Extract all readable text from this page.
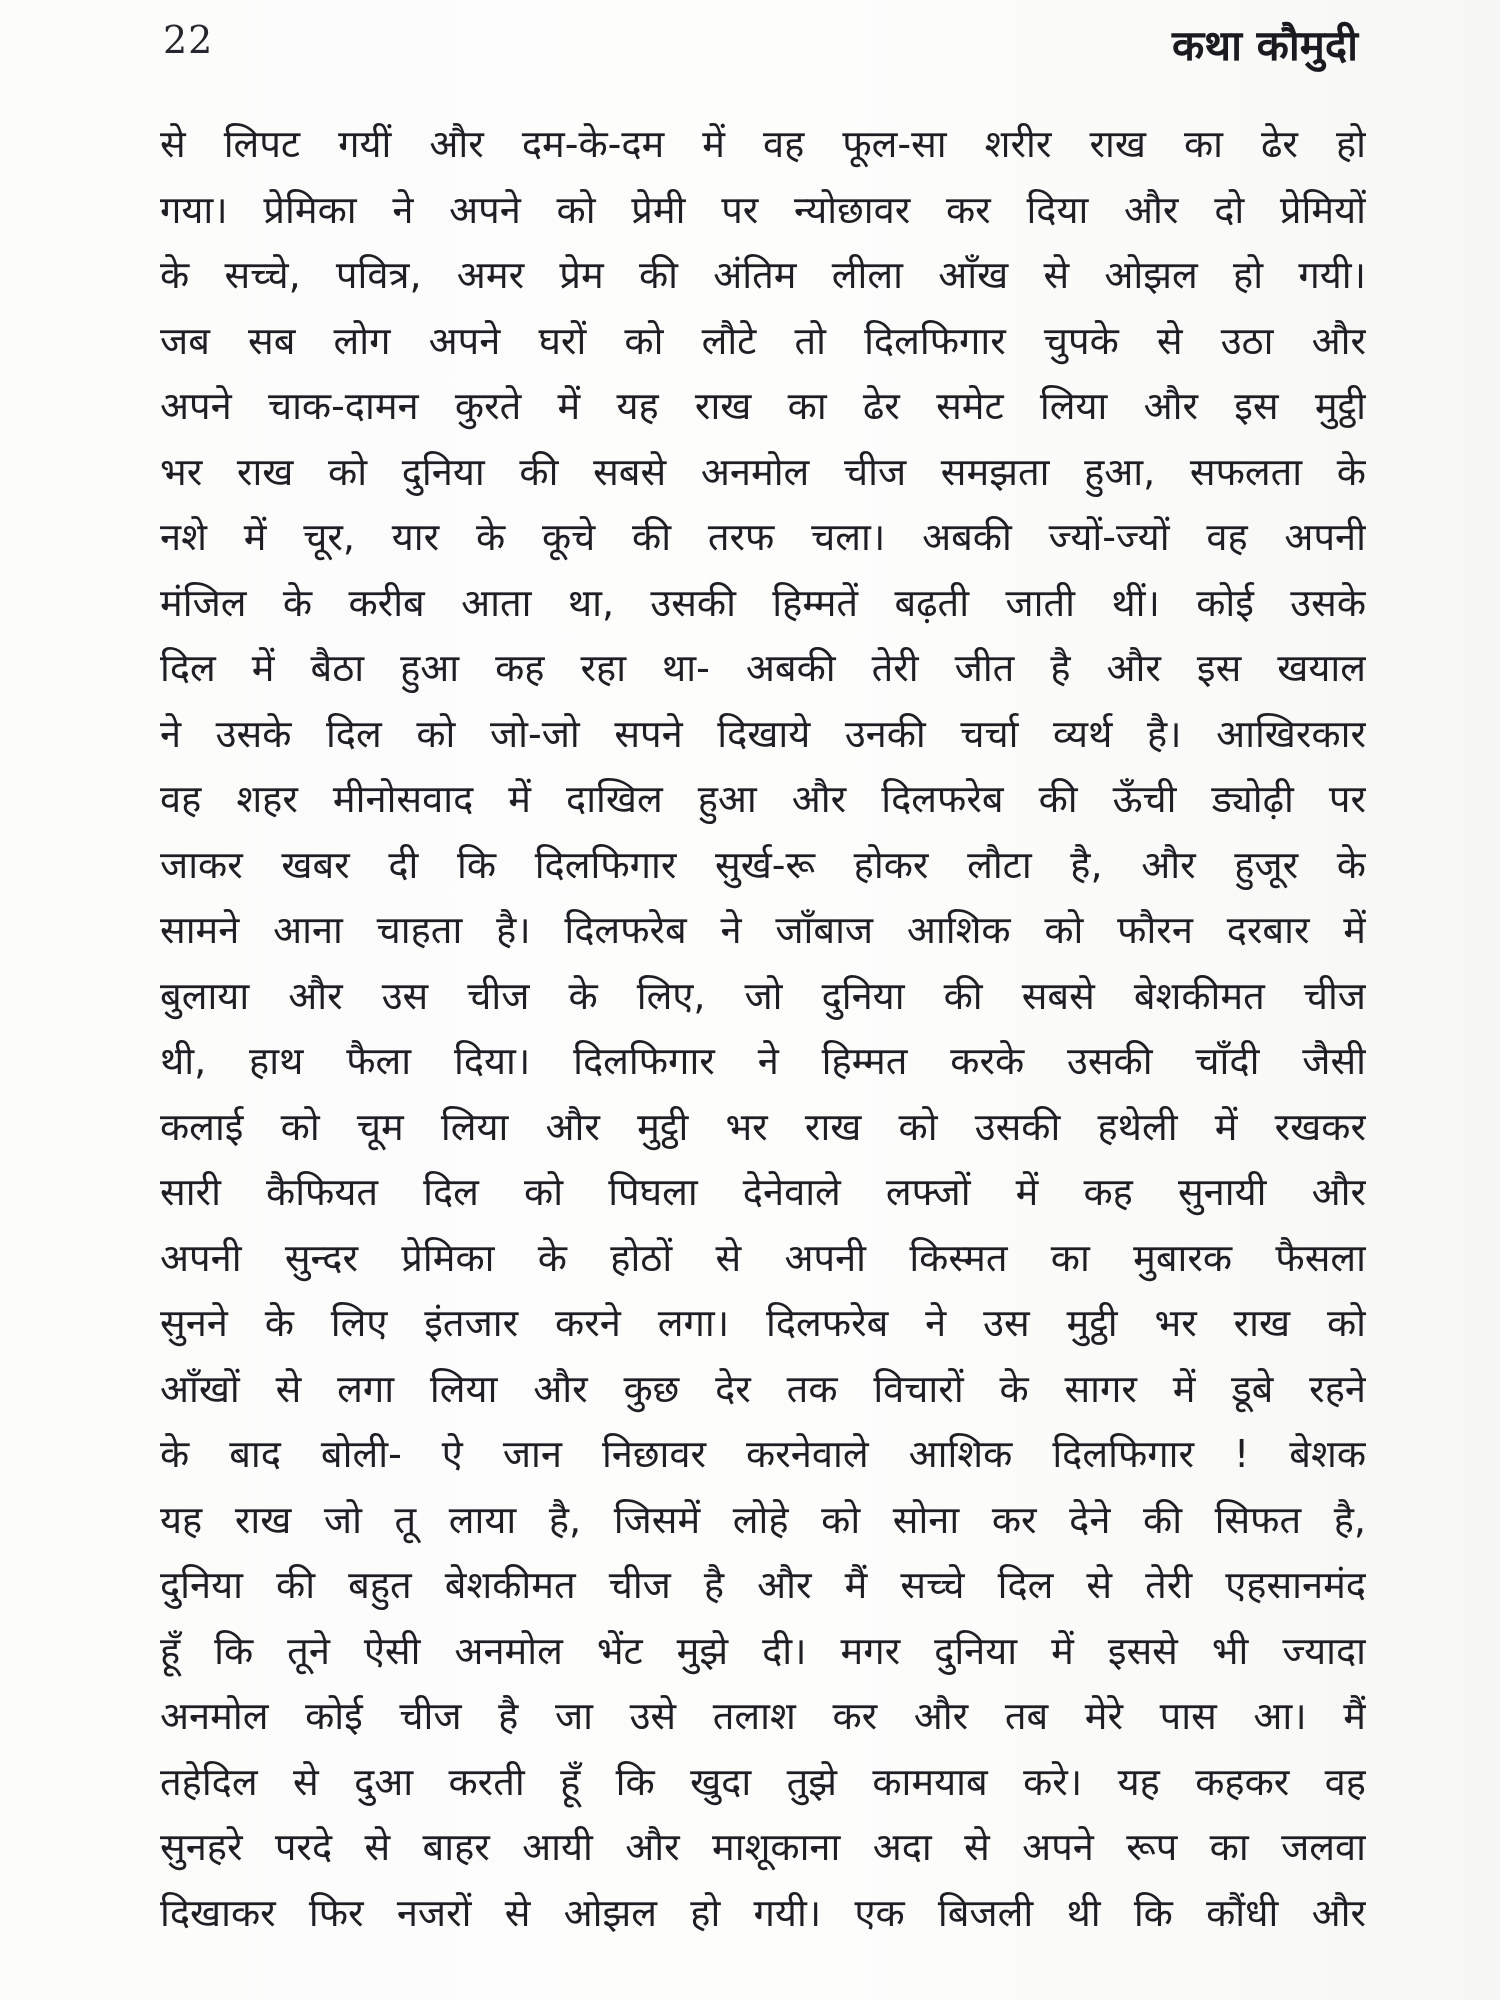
22	कथा कौमुदी
से लिपट गयीं और दम-के-दम में वह फूल-सा शरीर राख का ढेर हो
गया। प्रेमिका ने अपने को प्रेमी पर न्योछावर कर दिया और दो प्रेमियों
के सच्चे, पवित्र, अमर प्रेम की अंतिम लीला आँख से ओझल हो गयी।
जब सब लोग अपने घरों को लौटे तो दिलफिगार चुपके से उठा और
अपने चाक-दामन कुरते में यह राख का ढेर समेट लिया और इस मुट्ठी
भर राख को दुनिया की सबसे अनमोल चीज समझता हुआ, सफलता के
नशे में चूर, यार के कूचे की तरफ चला। अबकी ज्यों-ज्यों वह अपनी
मंजिल के करीब आता था, उसकी हिम्मतें बढ़ती जाती थीं। कोई उसके
दिल में बैठा हुआ कह रहा था- अबकी तेरी जीत है और इस खयाल
ने उसके दिल को जो-जो सपने दिखाये उनकी चर्चा व्यर्थ है। आखिरकार
वह शहर मीनोसवाद में दाखिल हुआ और दिलफरेब की ऊँची ड्योढ़ी पर
जाकर खबर दी कि दिलफिगार सुर्ख-रू होकर लौटा है, और हुजूर के
सामने आना चाहता है। दिलफरेब ने जाँबाज आशिक को फौरन दरबार में
बुलाया और उस चीज के लिए, जो दुनिया की सबसे बेशकीमत चीज
थी, हाथ फैला दिया। दिलफिगार ने हिम्मत करके उसकी चाँदी जैसी
कलाई को चूम लिया और मुट्ठी भर राख को उसकी हथेली में रखकर
सारी कैफियत दिल को पिघला देनेवाले लफ्जों में कह सुनायी और
अपनी सुन्दर प्रेमिका के होठों से अपनी किस्मत का मुबारक फैसला
सुनने के लिए इंतजार करने लगा। दिलफरेब ने उस मुट्ठी भर राख को
आँखों से लगा लिया और कुछ देर तक विचारों के सागर में डूबे रहने
के बाद बोली- ऐ जान निछावर करनेवाले आशिक दिलफिगार ! बेशक
यह राख जो तू लाया है, जिसमें लोहे को सोना कर देने की सिफत है,
दुनिया की बहुत बेशकीमत चीज है और मैं सच्चे दिल से तेरी एहसानमंद
हूँ कि तूने ऐसी अनमोल भेंट मुझे दी। मगर दुनिया में इससे भी ज्यादा
अनमोल कोई चीज है जा उसे तलाश कर और तब मेरे पास आ। मैं
तहेदिल से दुआ करती हूँ कि खुदा तुझे कामयाब करे। यह कहकर वह
सुनहरे परदे से बाहर आयी और माशूकाना अदा से अपने रूप का जलवा
दिखाकर फिर नजरों से ओझल हो गयी। एक बिजली थी कि कौंधी और
